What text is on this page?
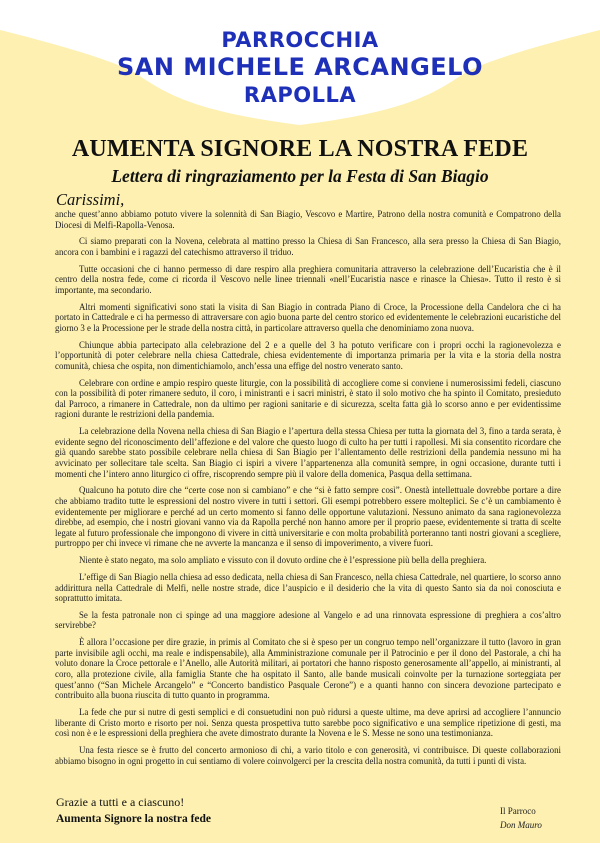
PARROCCHIA
SAN MICHELE ARCANGELO
RAPOLLA
AUMENTA SIGNORE LA NOSTRA FEDE
Lettera di ringraziamento per la Festa di San Biagio
Carissimi,

anche quest’anno abbiamo potuto vivere la solennità di San Biagio, Vescovo e Martire, Patrono della nostra comunità e Compatrono della Diocesi di Melfi-Rapolla-Venosa.

Ci siamo preparati con la Novena, celebrata al mattino presso la Chiesa di San Francesco, alla sera presso la Chiesa di San Biagio, ancora con i bambini e i ragazzi del catechismo attraverso il triduo.

Tutte occasioni che ci hanno permesso di dare respiro alla preghiera comunitaria attraverso la celebrazione dell’Eucaristia che è il centro della nostra fede, come ci ricorda il Vescovo nelle linee triennali «nell’Eucaristia nasce e rinasce la Chiesa». Tutto il resto è sì importante, ma secondario.

Altri momenti significativi sono stati la visita di San Biagio in contrada Piano di Croce, la Processione della Candelora che ci ha portato in Cattedrale e ci ha permesso di attraversare con agio buona parte del centro storico ed evidentemente le celebrazioni eucaristiche del giorno 3 e la Processione per le strade della nostra città, in particolare attraverso quella che denominiamo zona nuova.

Chiunque abbia partecipato alla celebrazione del 2 e a quelle del 3 ha potuto verificare con i propri occhi la ragionevolezza e l’opportunità di poter celebrare nella chiesa Cattedrale, chiesa evidentemente di importanza primaria per la vita e la storia della nostra comunità, chiesa che ospita, non dimentichiamolo, anch’essa una effige del nostro venerato santo.

Celebrare con ordine e ampio respiro queste liturgie, con la possibilità di accogliere come si conviene i numerosissimi fedeli, ciascuno con la possibilità di poter rimanere seduto, il coro, i ministranti e i sacri ministri, è stato il solo motivo che ha spinto il Comitato, presieduto dal Parroco, a rimanere in Cattedrale, non da ultimo per ragioni sanitarie e di sicurezza, scelta fatta già lo scorso anno e per evidentissime ragioni durante le restrizioni della pandemia.

La celebrazione della Novena nella chiesa di San Biagio e l’apertura della stessa Chiesa per tutta la giornata del 3, fino a tarda serata, è evidente segno del riconoscimento dell’affezione e del valore che questo luogo di culto ha per tutti i rapollesi. Mi sia consentito ricordare che già quando sarebbe stato possibile celebrare nella chiesa di San Biagio per l’allentamento delle restrizioni della pandemia nessuno mi ha avvicinato per sollecitare tale scelta. San Biagio ci ispiri a vivere l’appartenenza alla comunità sempre, in ogni occasione, durante tutti i momenti che l’intero anno liturgico ci offre, riscoprendo sempre più il valore della domenica, Pasqua della settimana.

Qualcuno ha potuto dire che “certe cose non si cambiano” e che “si è fatto sempre così”. Onestà intellettuale dovrebbe portare a dire che abbiamo tradito tutte le espressioni del nostro vivere in tutti i settori. Gli esempi potrebbero essere molteplici. Se c’è un cambiamento è evidentemente per migliorare e perché ad un certo momento si fanno delle opportune valutazioni. Nessuno animato da sana ragionevolezza direbbe, ad esempio, che i nostri giovani vanno via da Rapolla perché non hanno amore per il proprio paese, evidentemente si tratta di scelte legate al futuro professionale che impongono di vivere in città universitarie e con molta probabilità porteranno tanti nostri giovani a scegliere, purtroppo per chi invece vi rimane che ne avverte la mancanza e il senso di impoverimento, a vivere fuori.

Niente è stato negato, ma solo ampliato e vissuto con il dovuto ordine che è l’espressione più bella della preghiera.

L’effige di San Biagio nella chiesa ad esso dedicata, nella chiesa di San Francesco, nella chiesa Cattedrale, nel quartiere, lo scorso anno addirittura nella Cattedrale di Melfi, nelle nostre strade, dice l’auspicio e il desiderio che la vita di questo Santo sia da noi conosciuta e soprattutto imitata.

Se la festa patronale non ci spinge ad una maggiore adesione al Vangelo e ad una rinnovata espressione di preghiera a cos’altro servirebbe?

È allora l’occasione per dire grazie, in primis al Comitato che si è speso per un congruo tempo nell’organizzare il tutto (lavoro in gran parte invisibile agli occhi, ma reale e indispensabile), alla Amministrazione comunale per il Patrocinio e per il dono del Pastorale, a chi ha voluto donare la Croce pettorale e l’Anello, alle Autorità militari, ai portatori che hanno risposto generosamente all’appello, ai ministranti, al coro, alla protezione civile, alla famiglia Stante che ha ospitato il Santo, alle bande musicali coinvolte per la turnazione sorteggiata per quest’anno (“San Michele Arcangelo” e “Concerto bandistico Pasquale Cerone”) e a quanti hanno con sincera devozione partecipato e contribuito alla buona riuscita di tutto quanto in programma.

La fede che pur si nutre di gesti semplici e di consuetudini non può ridursi a queste ultime, ma deve aprirsi ad accogliere l’annuncio liberante di Cristo morto e risorto per noi. Senza questa prospettiva tutto sarebbe poco significativo e una semplice ripetizione di gesti, ma così non è e le espressioni della preghiera che avete dimostrato durante la Novena e le S. Messe ne sono una testimonianza.

Una festa riesce se è frutto del concerto armonioso di chi, a vario titolo e con generosità, vi contribuisce. Di queste collaborazioni abbiamo bisogno in ogni progetto in cui sentiamo di volere coinvolgerci per la crescita della nostra comunità, da tutti i punti di vista.

Grazie a tutti e a ciascuno!
Aumenta Signore la nostra fede
Il Parroco
Don Mauro
